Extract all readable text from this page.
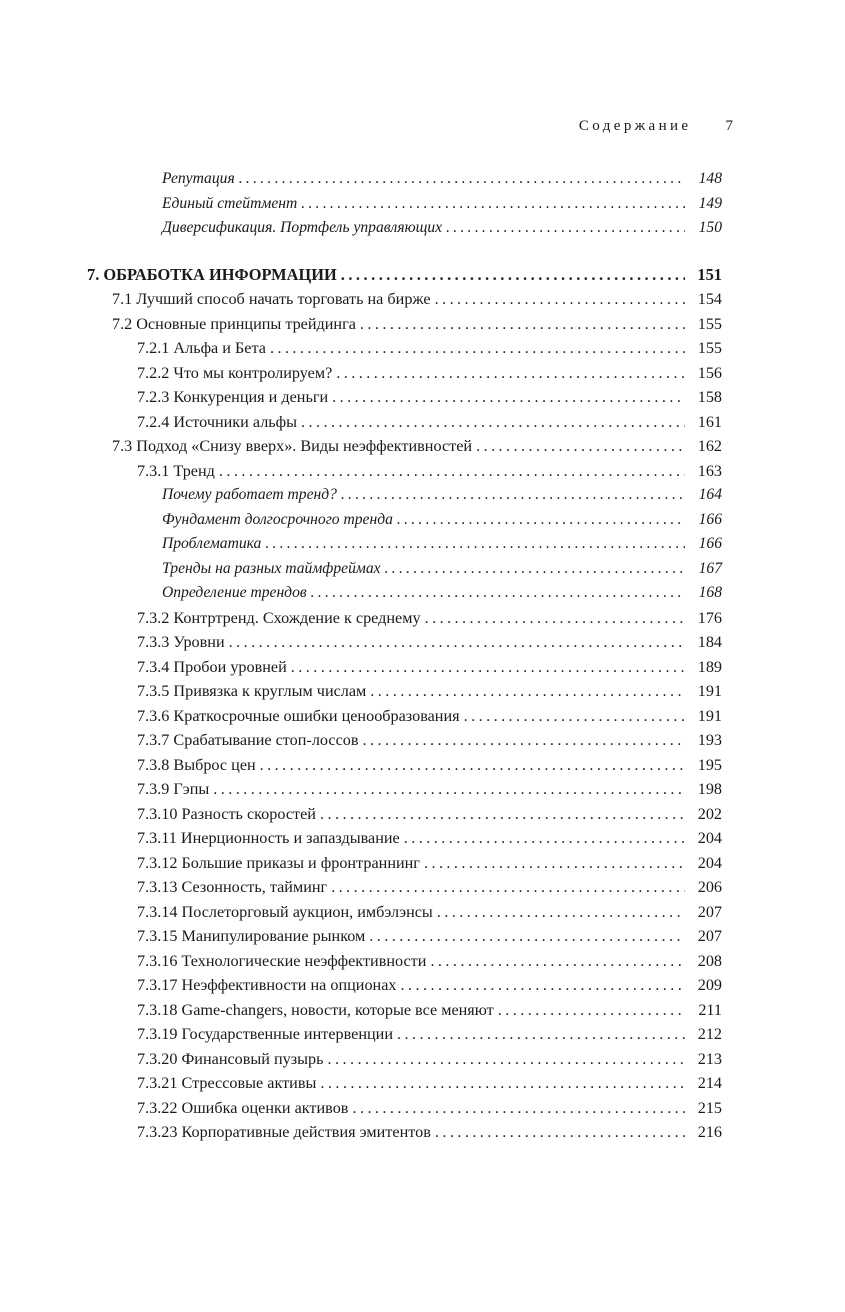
Содержание 7
Репутация . . .	148
Единый стейтмент . . .	149
Диверсификация. Портфель управляющих . . .	150
7. ОБРАБОТКА ИНФОРМАЦИИ . . .	151
7.1 Лучший способ начать торговать на бирже . . .	154
7.2 Основные принципы трейдинга . . .	155
7.2.1 Альфа и Бета . . .	155
7.2.2 Что мы контролируем? . . .	156
7.2.3 Конкуренция и деньги . . .	158
7.2.4 Источники альфы . . .	161
7.3 Подход «Снизу вверх». Виды неэффективностей . . .	162
7.3.1 Тренд . . .	163
Почему работает тренд? . . .	164
Фундамент долгосрочного тренда . . .	166
Проблематика . . .	166
Тренды на разных таймфреймах . . .	167
Определение трендов . . .	168
7.3.2 Контртренд. Схождение к среднему . . .	176
7.3.3 Уровни . . .	184
7.3.4 Пробои уровней . . .	189
7.3.5 Привязка к круглым числам . . .	191
7.3.6 Краткосрочные ошибки ценообразования . . .	191
7.3.7 Срабатывание стоп-лоссов . . .	193
7.3.8 Выброс цен . . .	195
7.3.9 Гэпы . . .	198
7.3.10 Разность скоростей . . .	202
7.3.11 Инерционность и запаздывание . . .	204
7.3.12 Большие приказы и фронтраннинг . . .	204
7.3.13 Сезонность, тайминг . . .	206
7.3.14 Послеторговый аукцион, имбэлэнсы . . .	207
7.3.15 Манипулирование рынком . . .	207
7.3.16 Технологические неэффективности . . .	208
7.3.17 Неэффективности на опционах . . .	209
7.3.18 Game-changers, новости, которые все меняют . . .	211
7.3.19 Государственные интервенции . . .	212
7.3.20 Финансовый пузырь . . .	213
7.3.21 Стрессовые активы . . .	214
7.3.22 Ошибка оценки активов . . .	215
7.3.23 Корпоративные действия эмитентов . . .	216
